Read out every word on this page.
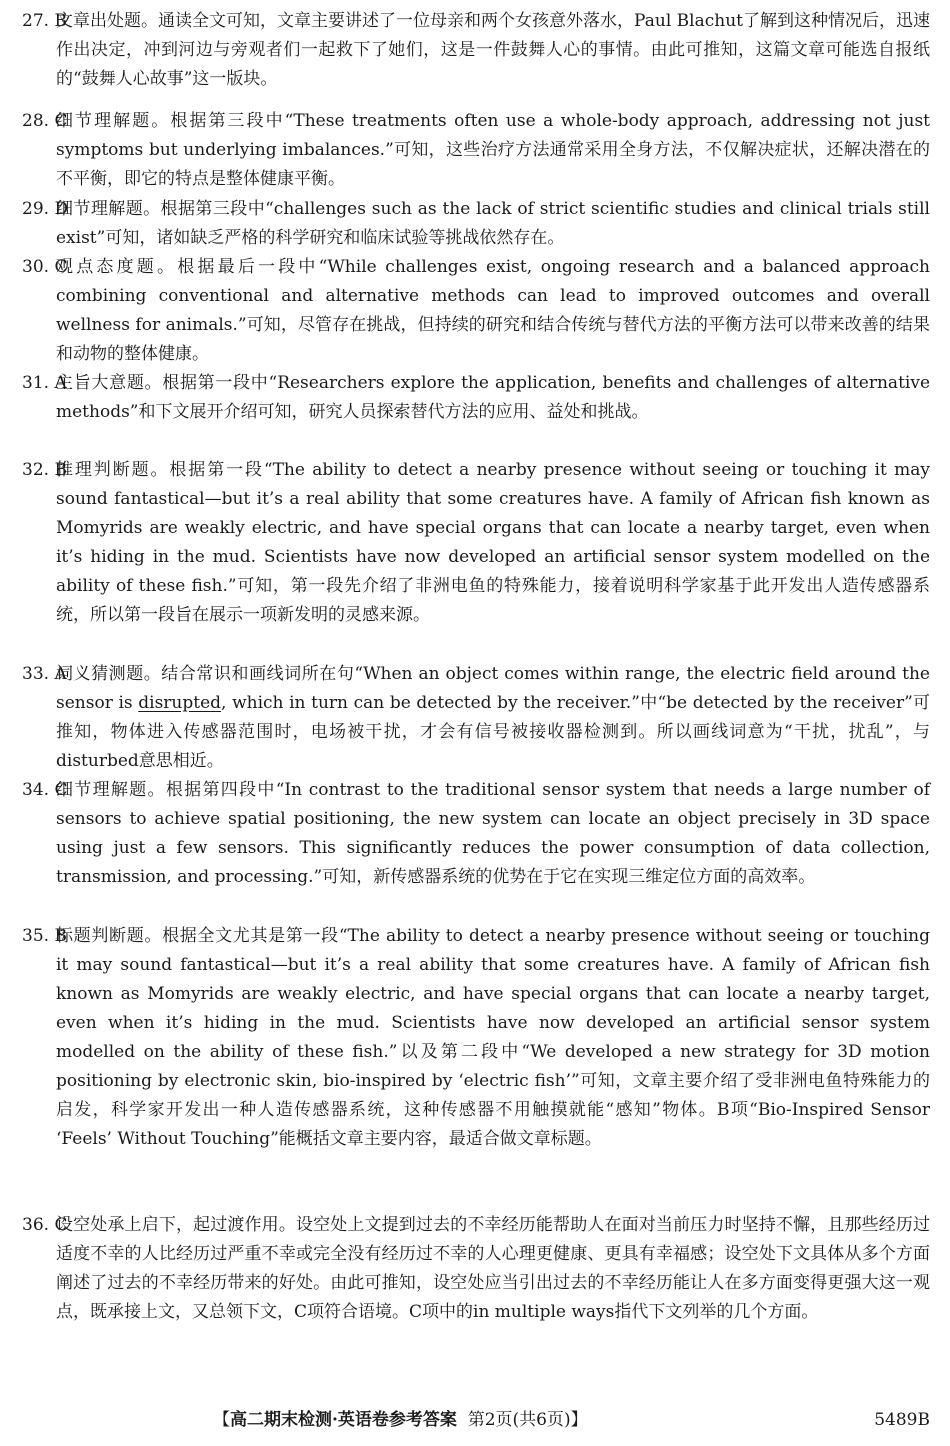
27. B
文章出处题。通读全文可知，文章主要讲述了一位母亲和两个女孩意外落水，Paul Blachut了解到这种情况后，迅速作出决定，冲到河边与旁观者们一起救下了她们，这是一件鼓舞人心的事情。由此可推知，这篇文章可能选自报纸的“鼓舞人心故事”这一版块。
28. C
细节理解题。根据第三段中“These treatments often use a whole-body approach, addressing not just symptoms but underlying imbalances.”可知，这些治疗方法通常采用全身方法，不仅解决症状，还解决潜在的不平衡，即它的特点是整体健康平衡。
29. D
细节理解题。根据第三段中“challenges such as the lack of strict scientific studies and clinical trials still exist”可知，诸如缺乏严格的科学研究和临床试验等挑战依然存在。
30. C
观点态度题。根据最后一段中“While challenges exist, ongoing research and a balanced approach combining conventional and alternative methods can lead to improved outcomes and overall wellness for animals.”可知，尽管存在挑战，但持续的研究和结合传统与替代方法的平衡方法可以带来改善的结果和动物的整体健康。
31. A
主旨大意题。根据第一段中“Researchers explore the application, benefits and challenges of alternative methods”和下文展开介绍可知，研究人员探索替代方法的应用、益处和挑战。
32. B
推理判断题。根据第一段“The ability to detect a nearby presence without seeing or touching it may sound fantastical—but it’s a real ability that some creatures have. A family of African fish known as Momyrids are weakly electric, and have special organs that can locate a nearby target, even when it’s hiding in the mud. Scientists have now developed an artificial sensor system modelled on the ability of these fish.”可知，第一段先介绍了非洲电鱼的特殊能力，接着说明科学家基于此开发出人造传感器系统，所以第一段旨在展示一项新发明的灵感来源。
33. A
词义猜测题。结合常识和画线词所在句“When an object comes within range, the electric field around the sensor is disrupted, which in turn can be detected by the receiver.”中“be detected by the receiver”可推知，物体进入传感器范围时，电场被干扰，才会有信号被接收器检测到。所以画线词意为“干扰，扰乱”，与disturbed意思相近。
34. C
细节理解题。根据第四段中“In contrast to the traditional sensor system that needs a large number of sensors to achieve spatial positioning, the new system can locate an object precisely in 3D space using just a few sensors. This significantly reduces the power consumption of data collection, transmission, and processing.”可知，新传感器系统的优势在于它在实现三维定位方面的高效率。
35. B
标题判断题。根据全文尤其是第一段“The ability to detect a nearby presence without seeing or touching it may sound fantastical—but it’s a real ability that some creatures have. A family of African fish known as Momyrids are weakly electric, and have special organs that can locate a nearby target, even when it’s hiding in the mud. Scientists have now developed an artificial sensor system modelled on the ability of these fish.”以及第二段中“We developed a new strategy for 3D motion positioning by electronic skin, bio-inspired by ‘electric fish’”可知，文章主要介绍了受非洲电鱼特殊能力的启发，科学家开发出一种人造传感器系统，这种传感器不用触摸就能“感知”物体。B项“Bio-Inspired Sensor ‘Feels’ Without Touching”能概括文章主要内容，最适合做文章标题。
36. C
设空处承上启下，起过渡作用。设空处上文提到过去的不幸经历能帮助人在面对当前压力时坚持不懈，且那些经历过适度不幸的人比经历过严重不幸或完全没有经历过不幸的人心理更健康、更具有幸福感；设空处下文具体从多个方面阐述了过去的不幸经历带来的好处。由此可推知，设空处应当引出过去的不幸经历能让人在多方面变得更强大这一观点，既承接上文，又总领下文，C项符合语境。C项中的in multiple ways指代下文列举的几个方面。
【高二期末检测·英语卷参考答案 第2页(共6页)】	5489B
